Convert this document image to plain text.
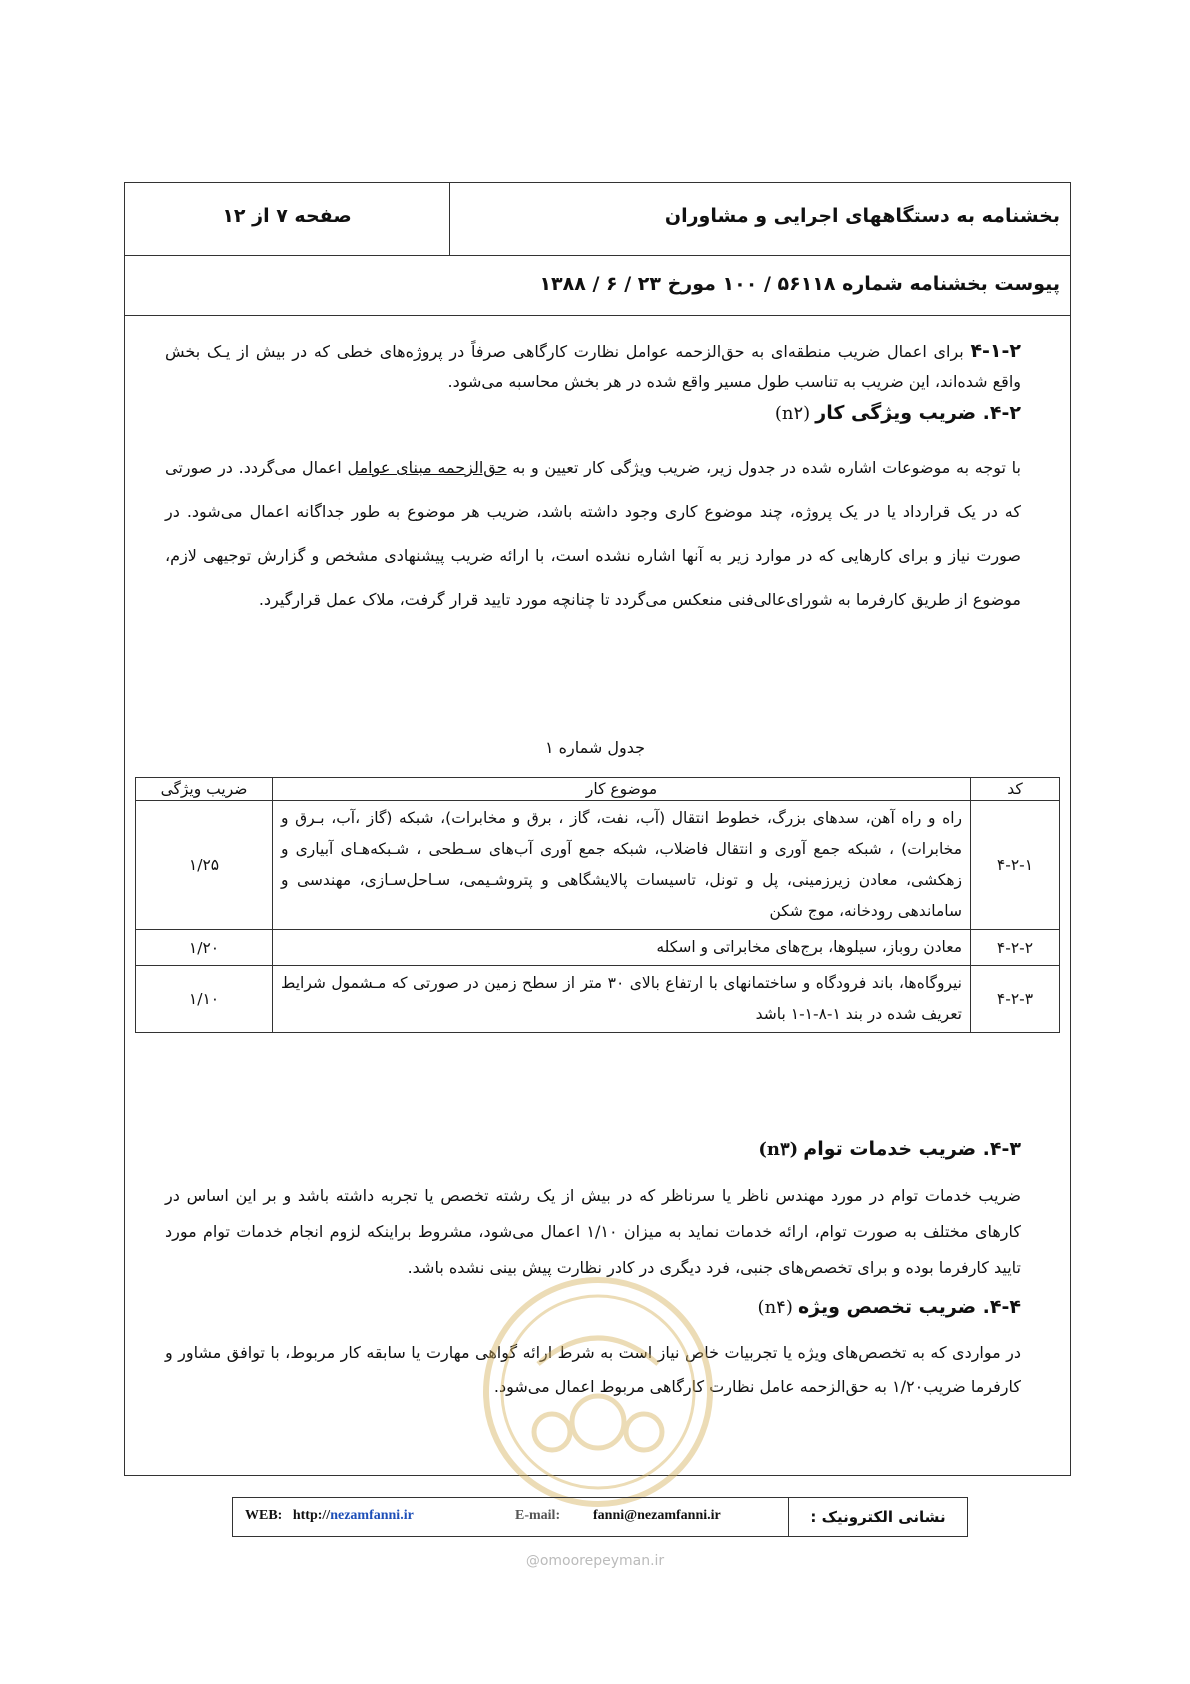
بخشنامه به دستگاههای اجرایی و مشاوران
صفحه ۷ از ۱۲
پیوست بخشنامه شماره ۵۶۱۱۸ / ۱۰۰ مورخ ۲۳ / ۶ / ۱۳۸۸
۴-۱-۲ برای اعمال ضریب منطقه‌ای به حق‌الزحمه عوامل نظارت کارگاهی صرفاً در پروژه‌های خطی که در بیش از یـک بخش واقع شده‌اند، این ضریب به تناسب طول مسیر واقع شده در هر بخش محاسبه می‌شود.
۴-۲. ضریب ویژگی کار (n۲)
با توجه به موضوعات اشاره شده در جدول زیر، ضریب ویژگی کار تعیین و به حق‌الزحمه مبنای عوامل اعمال می‌گردد. در صورتی که در یک قرارداد یا در یک پروژه، چند موضوع کاری وجود داشته باشد، ضریب هر موضوع به طور جداگانه اعمال می‌شود. در صورت نیاز و برای کارهایی که در موارد زیر به آنها اشاره نشده است، با ارائه ضریب پیشنهادی مشخص و گزارش توجیهی لازم، موضوع از طریق کارفرما به شورای‌عالی‌فنی منعکس می‌گردد تا چنانچه مورد تایید قرار گرفت، ملاک عمل قرارگیرد.
جدول شماره ۱
کد	موضوع کار	ضریب ویژگی
۴-۲-۱	راه و راه آهن، سدهای بزرگ، خطوط انتقال (آب، نفت، گاز ، برق و مخابرات)، شبکه (گاز ،آب، بـرق و مخابرات) ، شبکه جمع آوری و انتقال فاضلاب، شبکه جمع آوری آب‌های سـطحی ، شـبکه‌هـای آبیاری و زهکشی، معادن زیرزمینی، پل و تونل، تاسیسات پالایشگاهی و پتروشـیمی، سـاحل‌سـازی، مهندسی و ساماندهی رودخانه، موج شکن	۱/۲۵
۴-۲-۲	معادن روباز، سیلوها، برج‌های مخابراتی و اسکله	۱/۲۰
۴-۲-۳	نیروگاه‌ها، باند فرودگاه و ساختمانهای با ارتفاع بالای ۳۰ متر از سطح زمین در صورتی که مـشمول شرایط تعریف شده در بند ۱-۸-۱-۱ باشد	۱/۱۰
۴-۳. ضریب خدمات توام (n۳)
ضریب خدمات توام در مورد مهندس ناظر یا سرناظر که در بیش از یک رشته تخصص یا تجربه داشته باشد و بر این اساس در کارهای مختلف به صورت توام، ارائه خدمات نماید به میزان ۱/۱۰ اعمال می‌شود، مشروط براینکه لزوم انجام خدمات توام مورد تایید کارفرما بوده و برای تخصص‌های جنبی، فرد دیگری در کادر نظارت پیش بینی نشده باشد.
۴-۴. ضریب تخصص ویژه (n۴)
در مواردی که به تخصص‌های ویژه یا تجربیات خاص نیاز است به شرط ارائه گواهی مهارت یا سابقه کار مربوط، با توافق مشاور و کارفرما ضریب۱/۲۰ به حق‌الزحمه عامل نظارت کارگاهی مربوط اعمال می‌شود.
نشانی الکترونیک :
WEB: http://nezamfanni.ir	E-mail: fanni@nezamfanni.ir
@omoorepeyman.ir
